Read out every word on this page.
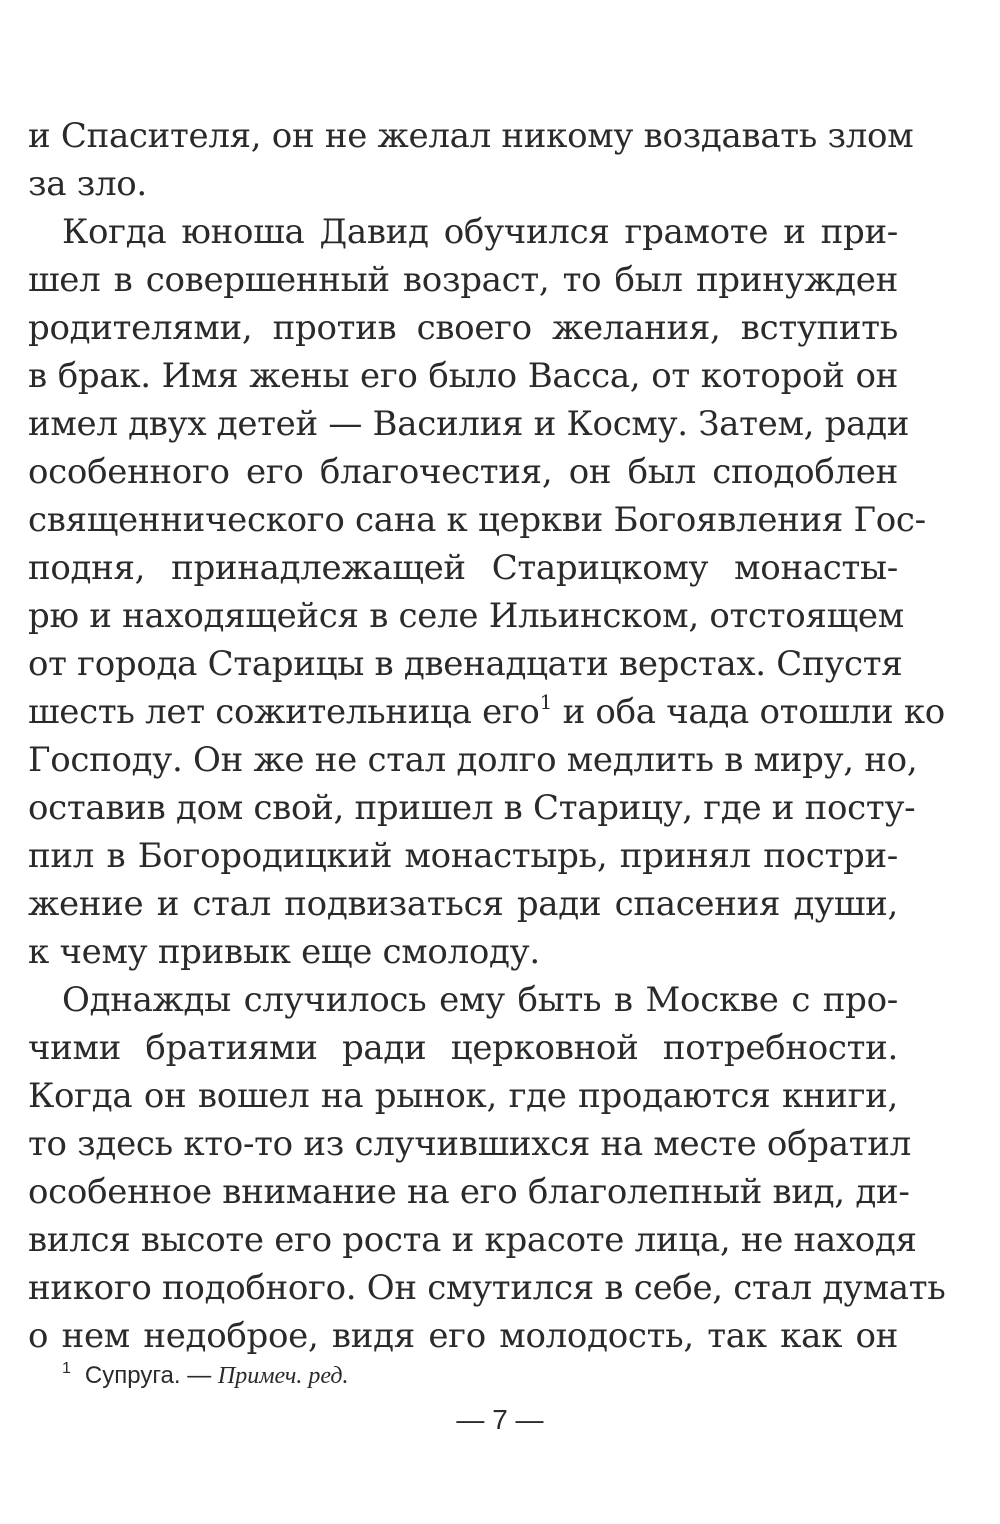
и Спасителя, он не желал никому воздавать злом
за зло.
Когда юноша Давид обучился грамоте и при-
шел в совершенный возраст, то был принужден
родителями, против своего желания, вступить
в брак. Имя жены его было Васса, от которой он
имел двух детей — Василия и Косму. Затем, ради
особенного его благочестия, он был сподоблен
священнического сана к церкви Богоявления Гос-
подня, принадлежащей Старицкому монасты-
рю и находящейся в селе Ильинском, отстоящем
от города Старицы в двенадцати верстах. Спустя
шесть лет сожительница его$^1$ и оба чада отошли ко
Господу. Он же не стал долго медлить в миру, но,
оставив дом свой, пришел в Старицу, где и посту-
пил в Богородицкий монастырь, принял постри-
жение и стал подвизаться ради спасения души,
к чему привык еще смолоду.
Однажды случилось ему быть в Москве с про-
чими братиями ради церковной потребности.
Когда он вошел на рынок, где продаются книги,
то здесь кто-то из случившихся на месте обратил
особенное внимание на его благолепный вид, ди-
вился высоте его роста и красоте лица, не находя
никого подобного. Он смутился в себе, стал думать
о нем недоброе, видя его молодость, так как он
$^1$ Супруга. — Примеч. ред.
— 7 —
